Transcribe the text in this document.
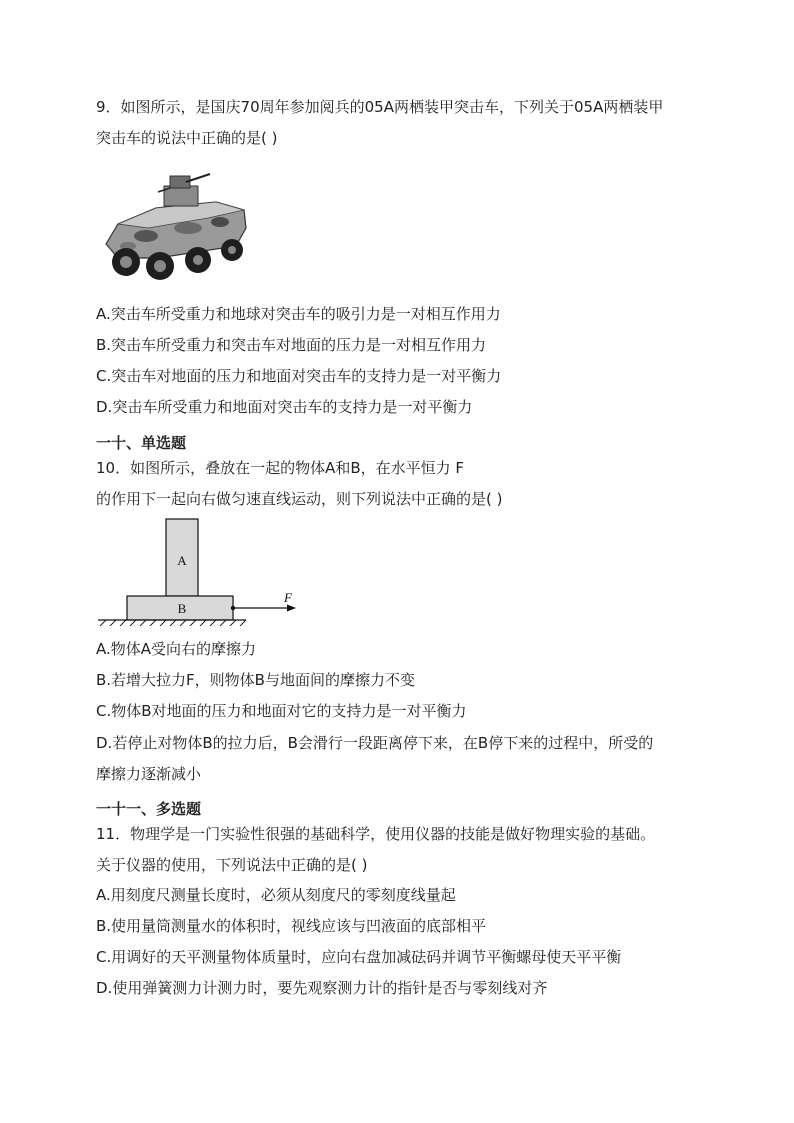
9．如图所示，是国庆70周年参加阅兵的05A两栖装甲突击车，下列关于05A两栖装甲
突击车的说法中正确的是( )
A.突击车所受重力和地球对突击车的吸引力是一对相互作用力
B.突击车所受重力和突击车对地面的压力是一对相互作用力
C.突击车对地面的压力和地面对突击车的支持力是一对平衡力
D.突击车所受重力和地面对突击车的支持力是一对平衡力
一十、单选题
10．如图所示，叠放在一起的物体A和B，在水平恒力 F
的作用下一起向右做匀速直线运动，则下列说法中正确的是( )
A
B
F
A.物体A受向右的摩擦力
B.若增大拉力F，则物体B与地面间的摩擦力不变
C.物体B对地面的压力和地面对它的支持力是一对平衡力
D.若停止对物体B的拉力后，B会滑行一段距离停下来，在B停下来的过程中，所受的
摩擦力逐渐减小
一十一、多选题
11．物理学是一门实验性很强的基础科学，使用仪器的技能是做好物理实验的基础。
关于仪器的使用，下列说法中正确的是( )
A.用刻度尺测量长度时，必须从刻度尺的零刻度线量起
B.使用量筒测量水的体积时，视线应该与凹液面的底部相平
C.用调好的天平测量物体质量时，应向右盘加减砝码并调节平衡螺母使天平平衡
D.使用弹簧测力计测力时，要先观察测力计的指针是否与零刻线对齐
